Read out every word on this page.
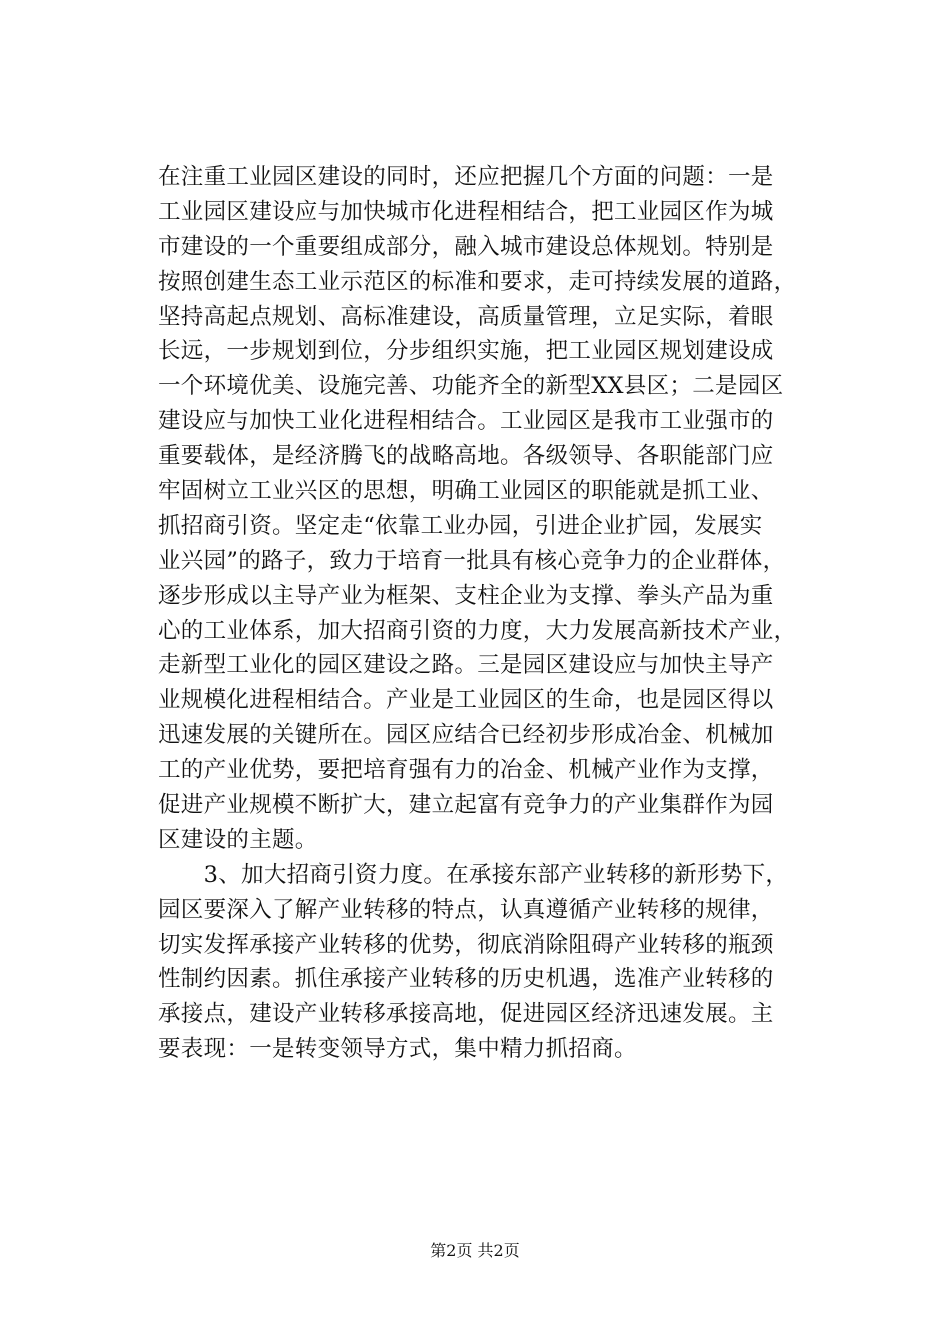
在注重工业园区建设的同时，还应把握几个方面的问题：一是
工业园区建设应与加快城市化进程相结合，把工业园区作为城
市建设的一个重要组成部分，融入城市建设总体规划。特别是
按照创建生态工业示范区的标准和要求，走可持续发展的道路，
坚持高起点规划、高标准建设，高质量管理，立足实际，着眼
长远，一步规划到位，分步组织实施，把工业园区规划建设成
一个环境优美、设施完善、功能齐全的新型XX县区；二是园区
建设应与加快工业化进程相结合。工业园区是我市工业强市的
重要载体，是经济腾飞的战略高地。各级领导、各职能部门应
牢固树立工业兴区的思想，明确工业园区的职能就是抓工业、
抓招商引资。坚定走“依靠工业办园，引进企业扩园，发展实
业兴园”的路子，致力于培育一批具有核心竞争力的企业群体，
逐步形成以主导产业为框架、支柱企业为支撑、拳头产品为重
心的工业体系，加大招商引资的力度，大力发展高新技术产业，
走新型工业化的园区建设之路。三是园区建设应与加快主导产
业规模化进程相结合。产业是工业园区的生命，也是园区得以
迅速发展的关键所在。园区应结合已经初步形成冶金、机械加
工的产业优势，要把培育强有力的冶金、机械产业作为支撑，
促进产业规模不断扩大，建立起富有竞争力的产业集群作为园
区建设的主题。
　　3、加大招商引资力度。在承接东部产业转移的新形势下，
园区要深入了解产业转移的特点，认真遵循产业转移的规律，
切实发挥承接产业转移的优势，彻底消除阻碍产业转移的瓶颈
性制约因素。抓住承接产业转移的历史机遇，选准产业转移的
承接点，建设产业转移承接高地，促进园区经济迅速发展。主
要表现：一是转变领导方式，集中精力抓招商。
第2页 共2页
